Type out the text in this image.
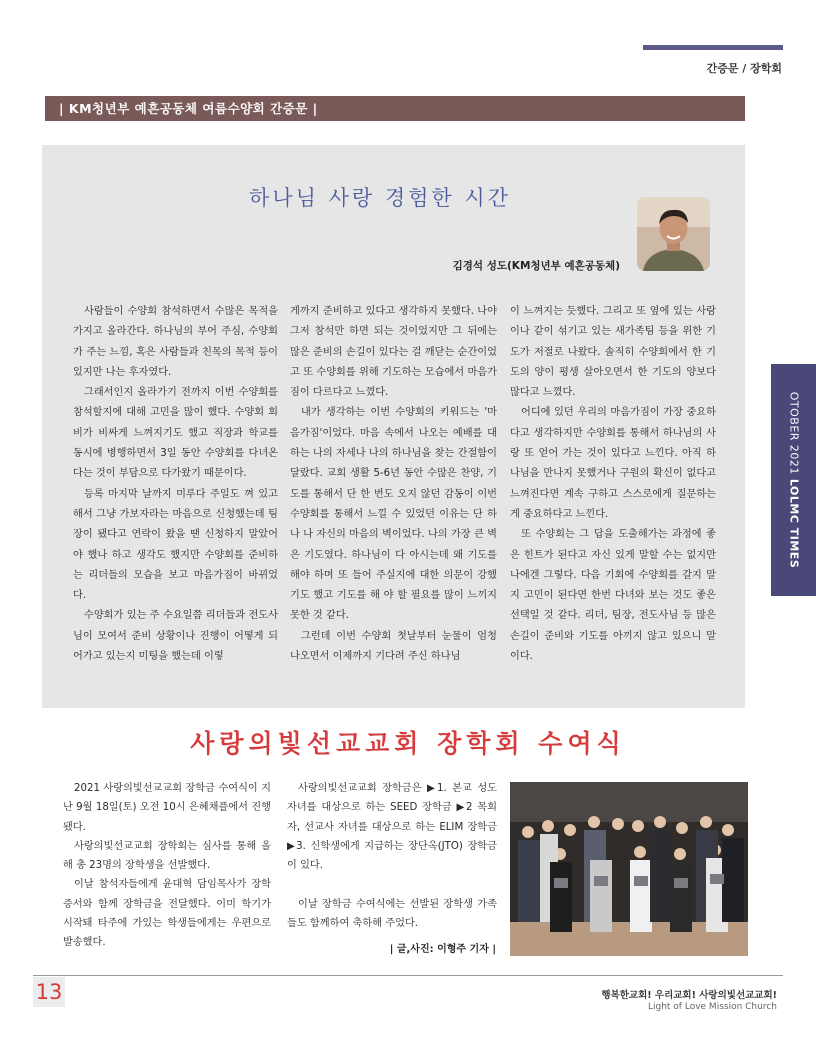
간증문 / 장학회
| KM청년부 예흔공동체 여름수양회 간증문 |
OTOBER 2021 LOLMC TIMES
하나님 사랑 경험한 시간
김경석 성도(KM청년부 예흔공동체)

사람들이 수양회 참석하면서 수많은 목적을 가지고 올라간다. 하나님의 부어 주심, 수양회가 주는 느낌, 혹은 사람들과 친목의 목적 등이 있지만 나는 후자였다.

그래서인지 올라가기 전까지 이번 수양회를 참석할지에 대해 고민을 많이 했다. 수양회 회비가 비싸게 느껴지기도 했고 직장과 학교를 동시에 병행하면서 3일 동안 수양회를 다녀온다는 것이 부담으로 다가왔기 때문이다.

등록 마지막 날까지 미루다 주일도 껴 있고 해서 그냥 가보자라는 마음으로 신청했는데 팀장이 됐다고 연락이 왔을 땐 신청하지 말았어야 했나 하고 생각도 했지만 수양회를 준비하는 리더들의 모습을 보고 마음가짐이 바뀌었다.

수양회가 있는 주 수요일쯤 리더들과 전도사님이 모여서 준비 상황이나 진행이 어떻게 되어가고 있는지 미팅을 했는데 이렇

게까지 준비하고 있다고 생각하지 못했다. 나야 그저 참석만 하면 되는 것이었지만 그 뒤에는 많은 준비의 손길이 있다는 걸 깨닫는 순간이었고 또 수양회를 위해 기도하는 모습에서 마음가짐이 다르다고 느꼈다.

내가 생각하는 이번 수양회의 키워드는 '마음가짐'이었다. 마음 속에서 나오는 예배를 대하는 나의 자세나 나의 하나님을 찾는 간절함이 달랐다. 교회 생활 5-6년 동안 수많은 찬양, 기도를 통해서 단 한 번도 오지 않던 감동이 이번 수양회를 통해서 느낄 수 있었던 이유는 단 하나 나 자신의 마음의 벽이었다. 나의 가장 큰 벽은 기도였다. 하나님이 다 아시는데 왜 기도를 해야 하며 또 들어 주실지에 대한 의문이 강했기도 했고 기도를 해 야 할 필요를 많이 느끼지 못한 것 같다.

그런데 이번 수양회 첫날부터 눈물이 엄청 나오면서 이제까지 기다려 주신 하나님

이 느껴지는 듯했다. 그리고 또 옆에 있는 사람이나 같이 섞기고 있는 새가족팀 등을 위한 기도가 저절로 나왔다. 솔직히 수양회에서 한 기도의 양이 평생 살아오면서 한 기도의 양보다 많다고 느꼈다.

어디에 있던 우리의 마음가짐이 가장 중요하다고 생각하지만 수양회를 통해서 하나님의 사랑 또 얻어 가는 것이 있다고 느낀다. 아직 하나님을 만나지 못했거나 구원의 확신이 없다고 느껴진다면 계속 구하고 스스로에게 질문하는 게 중요하다고 느낀다.

또 수양회는 그 답을 도출해가는 과정에 좋은 힌트가 된다고 자신 있게 말할 수는 없지만 나에겐 그렇다. 다음 기회에 수양회를 갈지 말지 고민이 된다면 한번 다녀와 보는 것도 좋은 선택일 것 같다. 리더, 팀장, 전도사님 등 많은 손길이 준비와 기도를 아끼지 않고 있으니 말이다.

사랑의빛선교교회 장학회 수여식

2021 사랑의빛선교교회 장학금 수여식이 지난 9월 18일(토) 오전 10시 은혜채플에서 진행됐다.

사랑의빛선교교회 장학회는 심사를 통해 올해 총 23명의 장학생을 선발했다.

이날 참석자들에게 윤대혁 담임목사가 장학증서와 함께 장학금을 전달했다. 이미 학기가 시작돼 타주에 가있는 학생들에게는 우편으로 발송했다.

사랑의빛선교교회 장학금은 ▶1. 본교 성도 자녀를 대상으로 하는 SEED 장학금 ▶2 목회자, 선교사 자녀를 대상으로 하는 ELIM 장학금 ▶3. 신학생에게 지급하는 장단옥(JTO) 장학금이 있다.

이날 장학금 수여식에는 선발된 장학생 가족들도 함께하여 축하해 주었다.

| 글,사진: 이형주 기자 |
13	행복한교회! 우리교회! 사랑의빛선교교회!
Light of Love Mission Church
